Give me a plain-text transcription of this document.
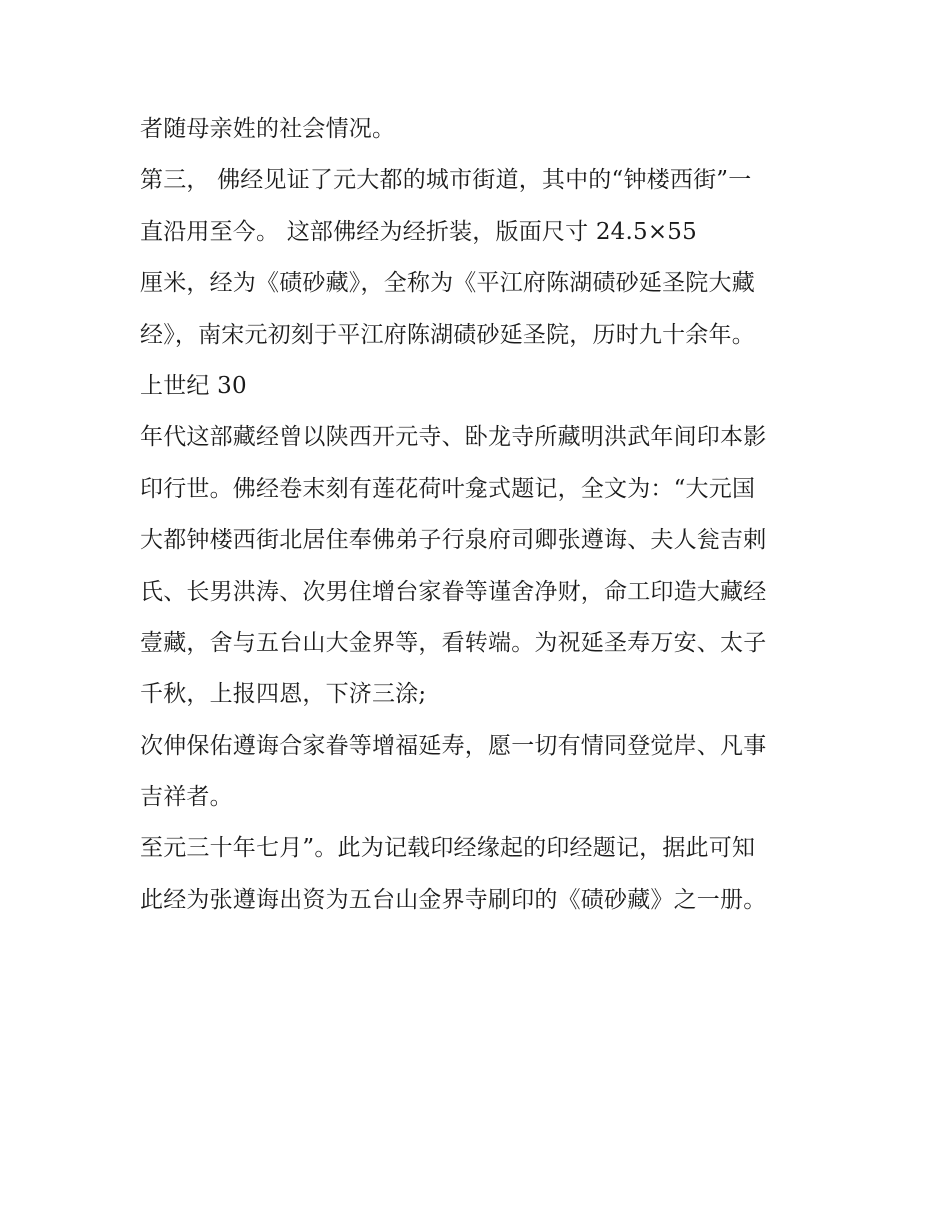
者随母亲姓的社会情况。
第三， 佛经见证了元大都的城市街道，其中的“钟楼西街”一
直沿用至今。 这部佛经为经折装，版面尺寸 24.5×55
厘米，经为《碛砂藏》，全称为《平江府陈湖碛砂延圣院大藏
经》，南宋元初刻于平江府陈湖碛砂延圣院，历时九十余年。
上世纪 30
年代这部藏经曾以陕西开元寺、卧龙寺所藏明洪武年间印本影
印行世。佛经卷末刻有莲花荷叶龛式题记，全文为：“大元国
大都钟楼西街北居住奉佛弟子行泉府司卿张遵诲、夫人瓮吉剌
氏、长男洪涛、次男住增台家眷等谨舍净财，命工印造大藏经
壹藏，舍与五台山大金界等，看转端。为祝延圣寿万安、太子
千秋，上报四恩，下济三涂;
次伸保佑遵诲合家眷等增福延寿，愿一切有情同登觉岸、凡事
吉祥者。
至元三十年七月”。此为记载印经缘起的印经题记，据此可知
此经为张遵诲出资为五台山金界寺刷印的《碛砂藏》之一册。
